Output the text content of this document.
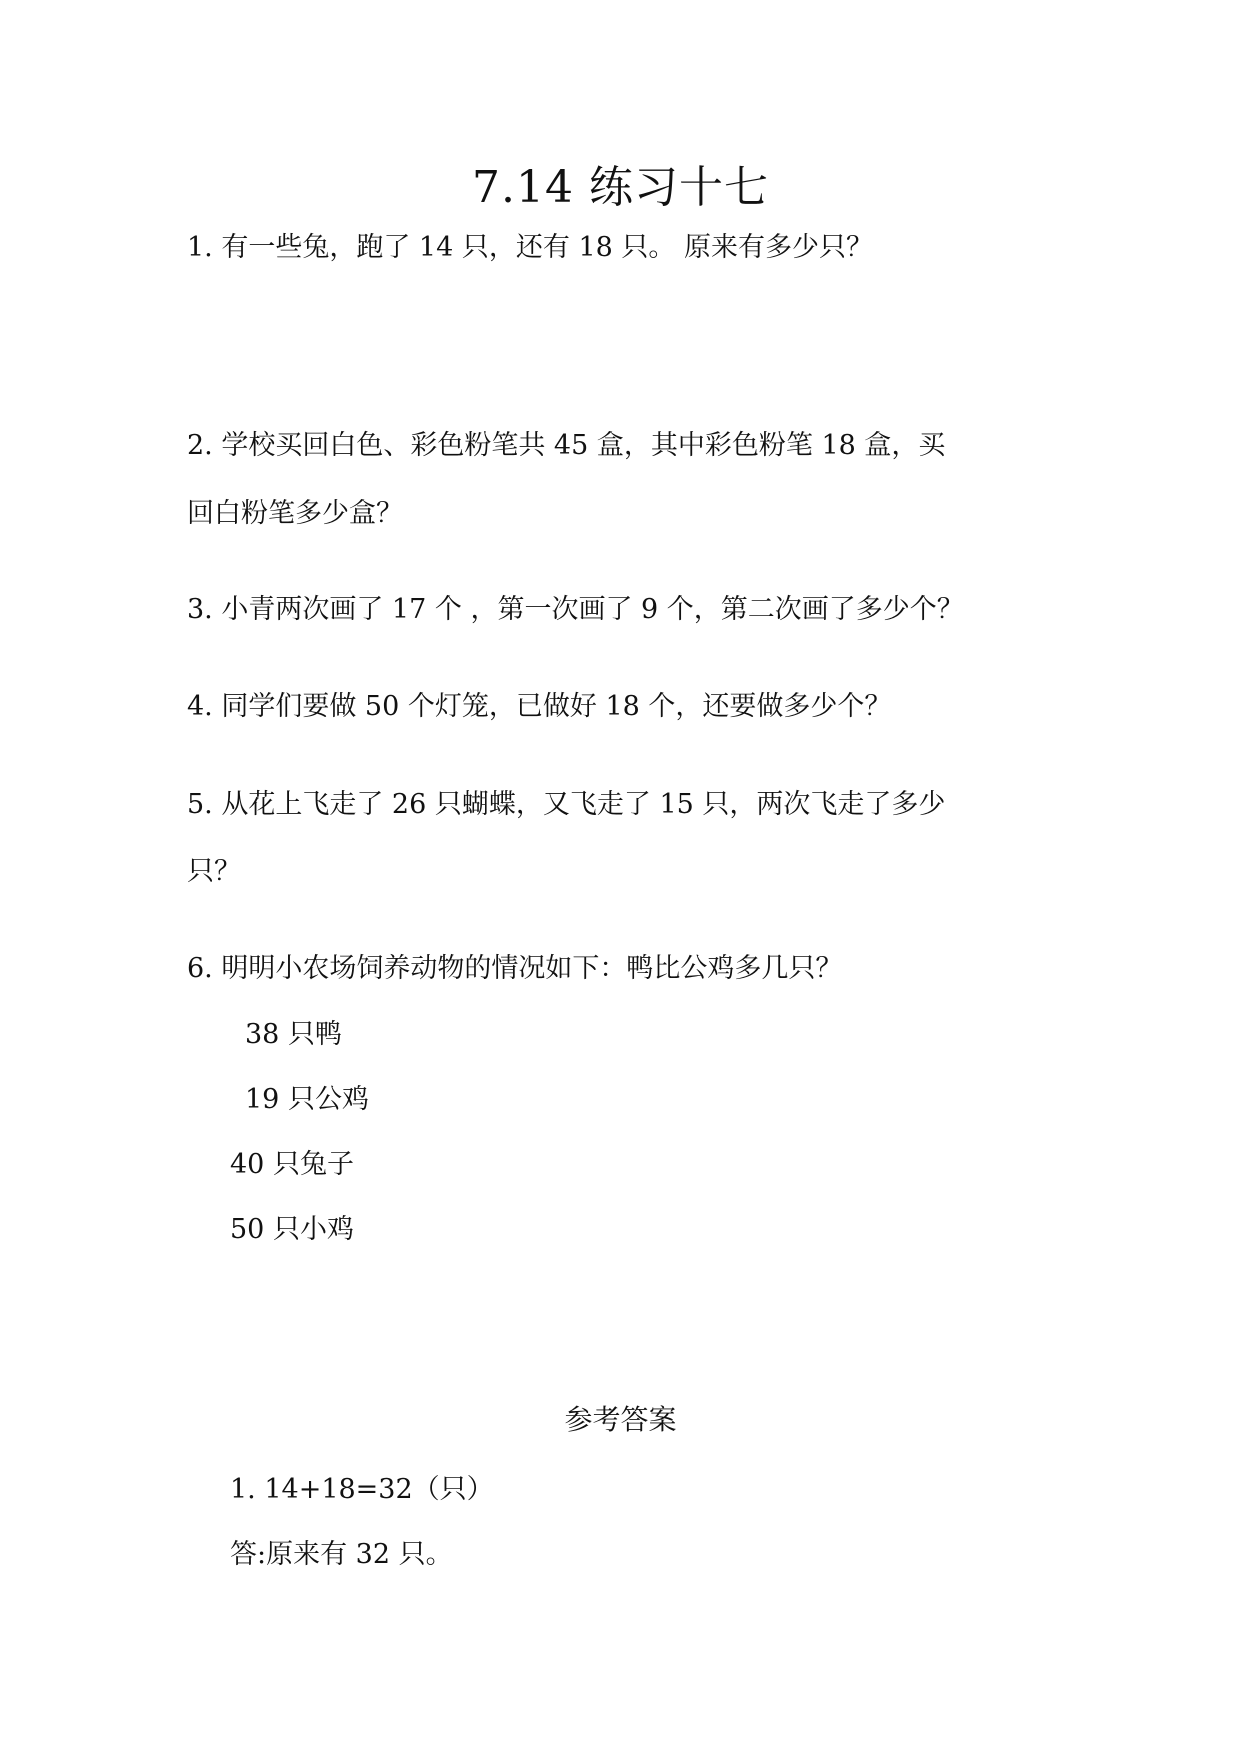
7.14 练习十七
1. 有一些兔，跑了 14 只，还有 18 只。 原来有多少只？
2. 学校买回白色、彩色粉笔共 45 盒，其中彩色粉笔 18 盒，买
回白粉笔多少盒？
3. 小青两次画了 17 个 ，第一次画了 9 个，第二次画了多少个？
4. 同学们要做 50 个灯笼，已做好 18 个，还要做多少个？
5. 从花上飞走了 26 只蝴蝶，又飞走了 15 只，两次飞走了多少
只？
6. 明明小农场饲养动物的情况如下：鸭比公鸡多几只？
38 只鸭
19 只公鸡
40 只兔子
50 只小鸡
参考答案
1. 14+18=32（只）
答:原来有 32 只。
